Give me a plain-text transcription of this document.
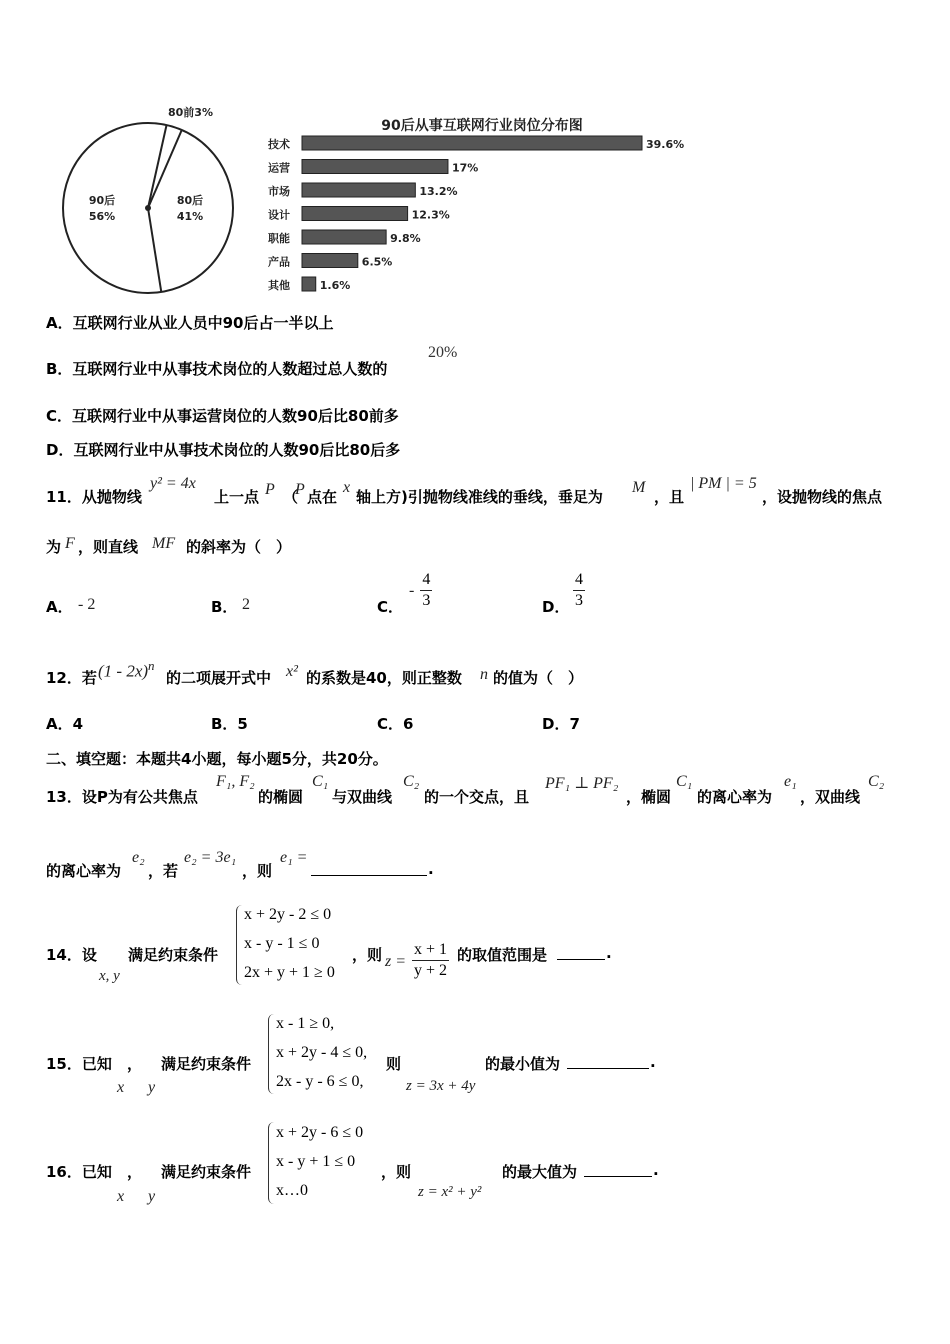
80前3%
80后
41%
90后
56%
90后从事互联网行业岗位分布图
技术	39.6%
运营	17%
市场	13.2%
设计	12.3%
职能	9.8%
产品	6.5%
其他	1.6%
A．互联网行业从业人员中90后占一半以上
B．互联网行业中从事技术岗位的人数超过总人数的
20%
C．互联网行业中从事运营岗位的人数90后比80前多
D．互联网行业中从事技术岗位的人数90后比80后多
11．从抛物线
y² = 4x
上一点 P （
P 点在
x
轴上方)引抛物线准线的垂线，垂足为
M
，且
| PM | = 5
，设抛物线的焦点
为 F ，则直线 MF 的斜率为（　）
A． - 2	B． 2	C．
- $\frac{4}{3}$	D． $\frac{4}{3}$
12．若 (1 - 2x)$^n$
的二项展开式中 x² 的系数是40，则正整数 n 的值为（　）
A．4	B．5	C．6	D．7
二、填空题：本题共4小题，每小题5分，共20分。
13．设P为有公共焦点
F₁, F₂
的椭圆
C₁
与双曲线
C₂
的一个交点，且
PF₁ ⊥ PF₂
，椭圆
C₁
的离心率为
e₁
，双曲线
C₂
的离心率为
e₂
，若
e₂ = 3e₁
，则
e₁ =
.
14．设
x, y
满足约束条件
x + 2y - 2 ≤ 0
x - y - 1 ≤ 0
2x + y + 1 ≥ 0
，则 $z = \frac{x + 1}{y + 2}$ 的取值范围是	.
15．已知
x
，
y
满足约束条件
x - 1 ≥ 0,
x + 2y - 4 ≤ 0,
2x - y - 6 ≤ 0,
则
z = 3x + 4y
的最小值为	.
16．已知
x
，
y
满足约束条件
x + 2y - 6 ≤ 0
x - y + 1 ≤ 0
x…0
，则
z = x² + y²
的最大值为	.
